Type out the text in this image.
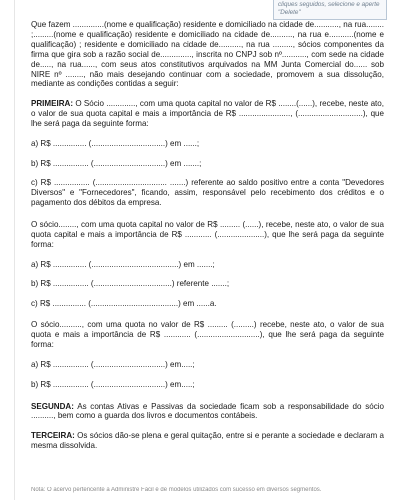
cliques seguidos, selecione e aperte "Delete"

Que fazem ..............(nome e qualificação) residente e domiciliado na cidade de..........., na rua........ ;.........(nome e qualificação) residente e domiciliado na cidade de.........., na rua e...........(nome e qualificação) ; residente e domiciliado na cidade de.........., na rua ........., sócios componentes da firma que gira sob a razão social de.............., inscrita no CNPJ sob nº..........., com sede na cidade de....., na rua......, com seus atos constitutivos arquivados na MM Junta Comercial do...... sob NIRE nº ........, não mais desejando continuar com a sociedade, promovem a sua dissolução, mediante as condições contidas a seguir:

PRIMEIRA: O Sócio ............., com uma quota capital no valor de R$ ........(......), recebe, neste ato, o valor de sua quota capital e mais a importância de R$ ......................., (.............................), que lhe será paga da seguinte forma:

a) R$ ............... (.................................) em ......;

b) R$ ................ (................................) em .......;

c) R$ ................ (................................ .......) referente ao saldo positivo entre a conta "Devedores Diversos" e "Fornecedores", ficando, assim, responsável pelo recebimento dos créditos e o pagamento dos débitos da empresa.

O sócio........, com uma quota capital no valor de R$ ......... (......), recebe, neste ato, o valor de sua quota capital e mais a importância de R$ ............ (.....................), que lhe será paga da seguinte forma:

a) R$ ............... (.......................................) em .......;

b) R$ ................ (...................................) referente .......;

c) R$ ............... (.......................................) em ......a.

O sócio.........., com uma quota no valor de R$ ......... (.........) recebe, neste ato, o valor de sua quota e mais a importância de R$ ............ (............................), que lhe será paga da seguinte forma:

a) R$ ................ (................................) em.....;

b) R$ ................ (................................) em.....;

SEGUNDA: As contas Ativas e Passivas da sociedade ficam sob a responsabilidade do sócio .........., bem como a guarda dos livros e documentos contábeis.

TERCEIRA: Os sócios dão-se plena e geral quitação, entre si e perante a sociedade e declaram a mesma dissolvida.

Nota: O acervo pertencente a Administre Fácil é de modelos utilizados com sucesso em diversos segmentos.
